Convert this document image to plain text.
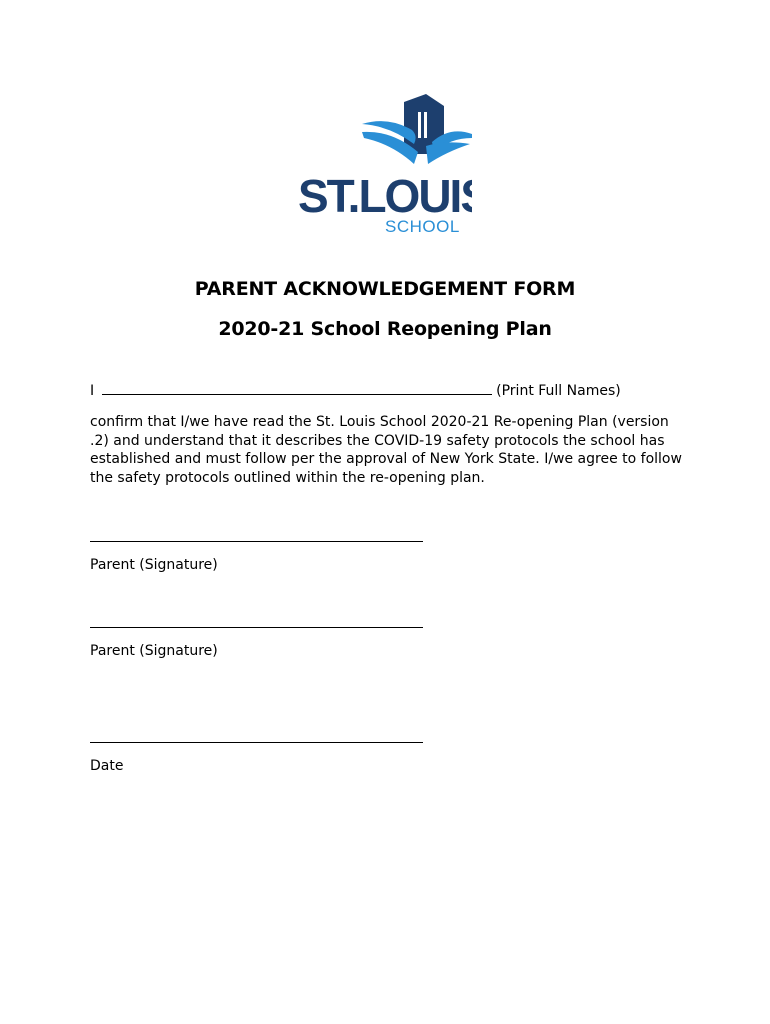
ST.LOUIS
SCHOOL
PARENT ACKNOWLEDGEMENT FORM
2020-21 School Reopening Plan
I	(Print Full Names)
confirm that I/we have read the St. Louis School 2020-21 Re-opening Plan (version .2) and understand that it describes the COVID-19 safety protocols the school has established and must follow per the approval of New York State. I/we agree to follow the safety protocols outlined within the re-opening plan.
Parent (Signature)
Parent (Signature)
Date
